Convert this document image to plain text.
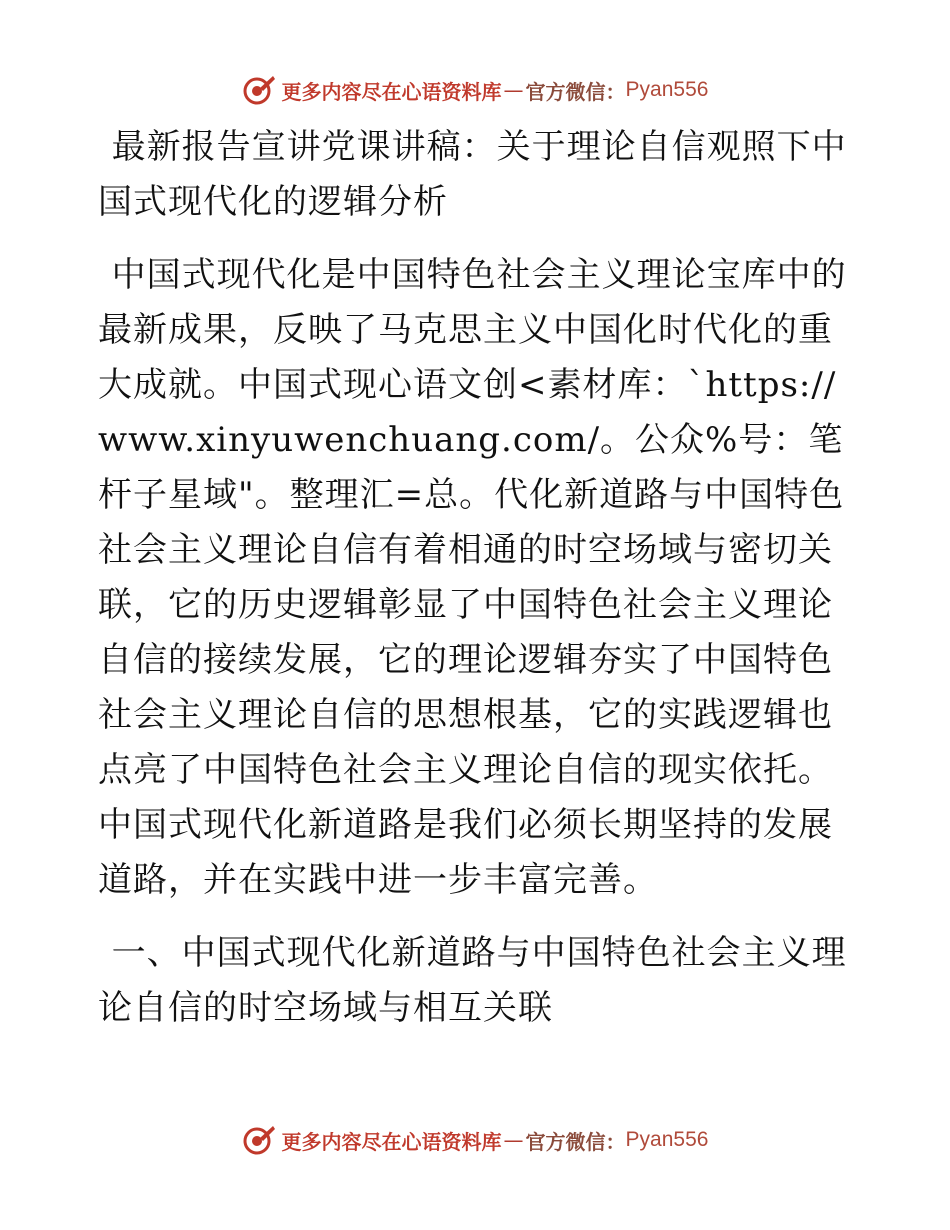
更多内容尽在心语资料库 — 官方微信： Pyan556

最新报告宣讲党课讲稿：关于理论自信观照下中国式现代化的逻辑分析

中国式现代化是中国特色社会主义理论宝库中的最新成果，反映了马克思主义中国化时代化的重大成就。中国式现心语文创<素材库：`https://www.xinyuwenchuang.com/。公众%号：笔杆子星域"。整理汇=总。代化新道路与中国特色社会主义理论自信有着相通的时空场域与密切关联，它的历史逻辑彰显了中国特色社会主义理论自信的接续发展，它的理论逻辑夯实了中国特色社会主义理论自信的思想根基，它的实践逻辑也点亮了中国特色社会主义理论自信的现实依托。中国式现代化新道路是我们必须长期坚持的发展道路，并在实践中进一步丰富完善。

一、中国式现代化新道路与中国特色社会主义理论自信的时空场域与相互关联

更多内容尽在心语资料库 — 官方微信： Pyan556
